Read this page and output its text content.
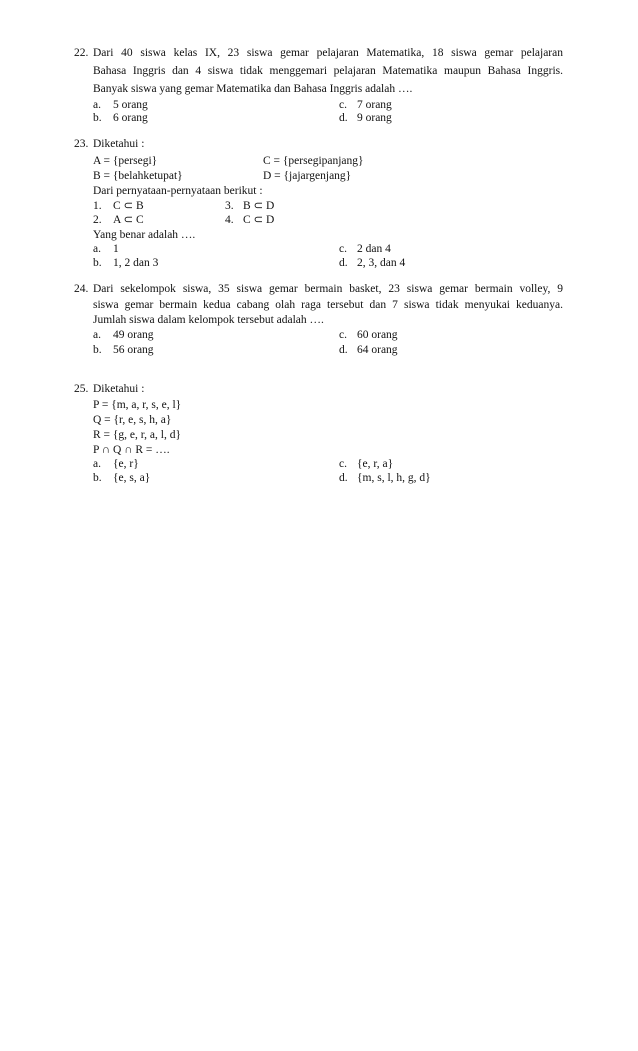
22. Dari 40 siswa kelas IX, 23 siswa gemar pelajaran Matematika, 18 siswa gemar pelajaran
Bahasa Inggris dan 4 siswa tidak menggemari pelajaran Matematika maupun Bahasa Inggris.
Banyak siswa yang gemar Matematika dan Bahasa Inggris adalah ….
a. 5 orang	c. 7 orang
b. 6 orang	d. 9 orang
23. Diketahui :
A = {persegi}	C = {persegipanjang}
B = {belahketupat}	D = {jajargenjang}
Dari pernyataan-pernyataan berikut :
1. C ⊂ B	3. B ⊂ D
2. A ⊂ C	4. C ⊂ D
Yang benar adalah ….
a. 1	c. 2 dan 4
b. 1, 2 dan 3	d. 2, 3, dan 4
24. Dari sekelompok siswa, 35 siswa gemar bermain basket, 23 siswa gemar bermain volley, 9
siswa gemar bermain kedua cabang olah raga tersebut dan 7 siswa tidak menyukai keduanya.
Jumlah siswa dalam kelompok tersebut adalah ….
a. 49 orang	c. 60 orang
b. 56 orang	d. 64 orang
25. Diketahui :
P = {m, a, r, s, e, l}
Q = {r, e, s, h, a}
R = {g, e, r, a, l, d}
P ∩ Q ∩ R = ….
a. {e, r}	c. {e, r, a}
b. {e, s, a}	d. {m, s, l, h, g, d}
